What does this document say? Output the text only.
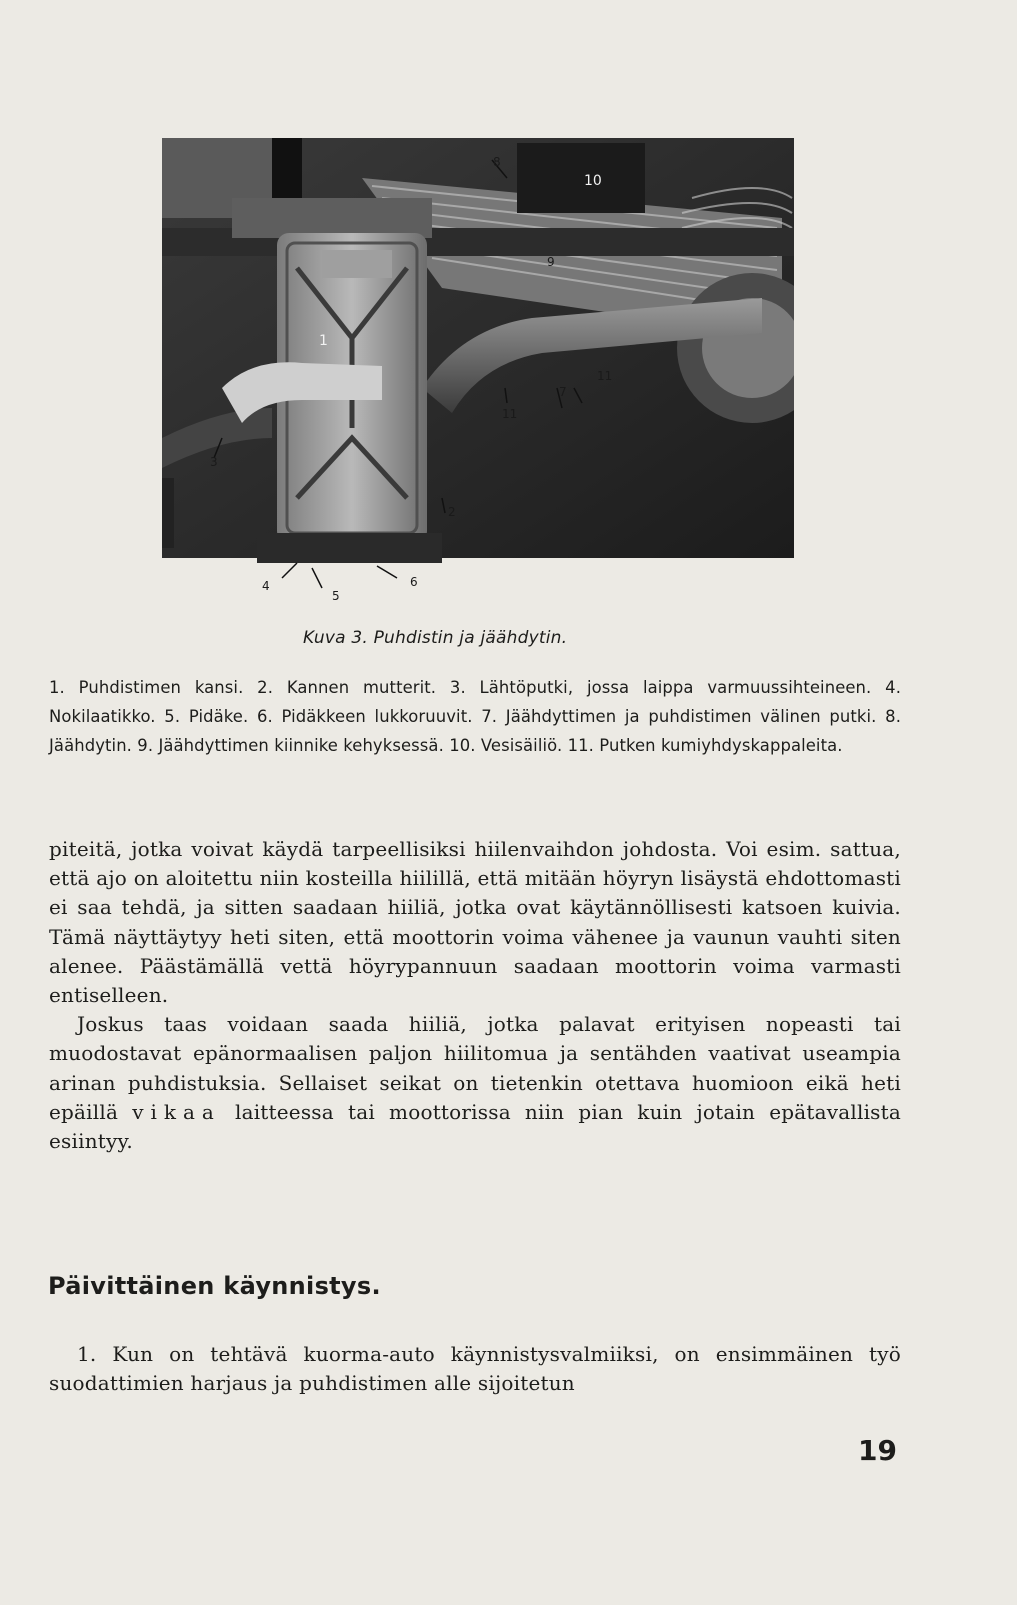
1
2
3
4
5
6
7
8
9
10
11
11
Kuva 3. Puhdistin ja jäähdytin.
1. Puhdistimen kansi. 2. Kannen mutterit. 3. Lähtöputki, jossa laippa varmuussihteineen. 4. Nokilaatikko. 5. Pidäke. 6. Pidäkkeen lukkoruuvit. 7. Jäähdyttimen ja puhdistimen välinen putki. 8. Jäähdytin. 9. Jäähdyttimen kiinnike kehyksessä. 10. Vesisäiliö. 11. Putken kumiyhdyskappaleita.

piteitä, jotka voivat käydä tarpeellisiksi hiilenvaihdon johdosta. Voi esim. sattua, että ajo on aloitettu niin kosteilla hiilillä, että mitään höyryn lisäystä ehdottomasti ei saa tehdä, ja sitten saadaan hiiliä, jotka ovat käytännöllisesti katsoen kuivia. Tämä näyttäytyy heti siten, että moottorin voima vähenee ja vaunun vauhti siten alenee. Päästämällä vettä höyrypannuun saadaan moottorin voima varmasti entiselleen.

Joskus taas voidaan saada hiiliä, jotka palavat erityisen nopeasti tai muodostavat epänormaalisen paljon hiilitomua ja sentähden vaativat useampia arinan puhdistuksia. Sellaiset seikat on tietenkin otettava huomioon eikä heti epäillä vikaa laitteessa tai moottorissa niin pian kuin jotain epätavallista esiintyy.

Päivittäinen käynnistys.
1. Kun on tehtävä kuorma-auto käynnistysvalmiiksi, on ensimmäinen työ suodattimien harjaus ja puhdistimen alle sijoitetun
19
